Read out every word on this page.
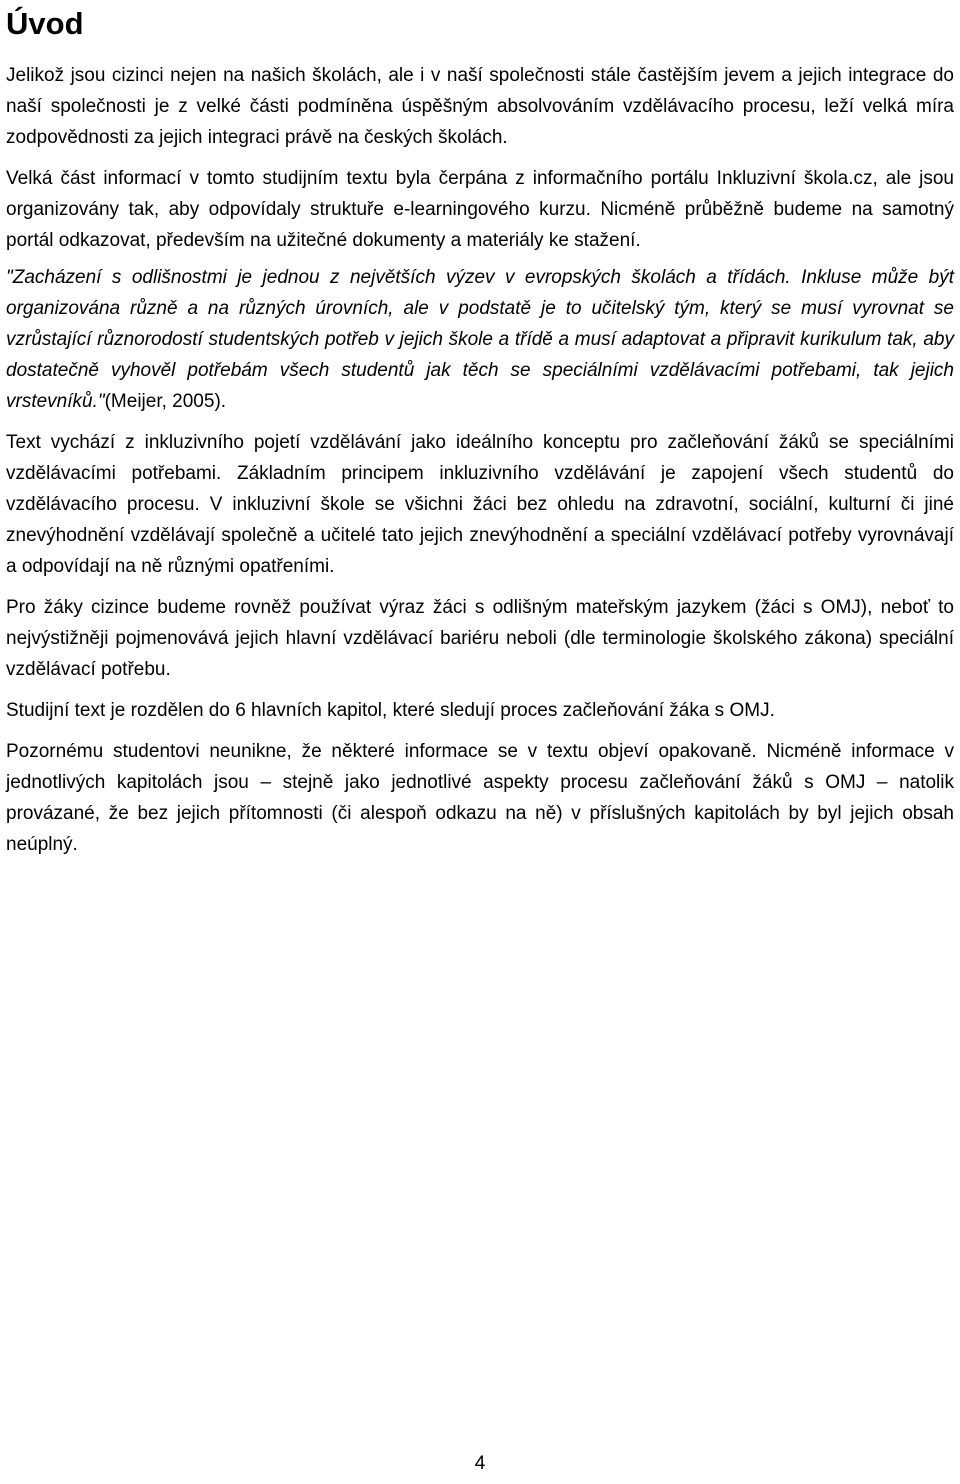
Úvod

Jelikož jsou cizinci nejen na našich školách, ale i v naší společnosti stále častějším jevem a jejich integrace do naší společnosti je z velké části podmíněna úspěšným absolvováním vzdělávacího procesu, leží velká míra zodpovědnosti za jejich integraci právě na českých školách.

Velká část informací v tomto studijním textu byla čerpána z informačního portálu Inkluzivní škola.cz, ale jsou organizovány tak, aby odpovídaly struktuře e-learningového kurzu. Nicméně průběžně budeme na samotný portál odkazovat, především na užitečné dokumenty a materiály ke stažení.

"Zacházení s odlišnostmi je jednou z největších výzev v evropských školách a třídách. Inkluse může být organizována různě a na různých úrovních, ale v podstatě je to učitelský tým, který se musí vyrovnat se vzrůstající různorodostí studentských potřeb v jejich škole a třídě a musí adaptovat a připravit kurikulum tak, aby dostatečně vyhověl potřebám všech studentů jak těch se speciálními vzdělávacími potřebami, tak jejich vrstevníků."(Meijer, 2005).

Text vychází z inkluzivního pojetí vzdělávání jako ideálního konceptu pro začleňování žáků se speciálními vzdělávacími potřebami. Základním principem inkluzivního vzdělávání je zapojení všech studentů do vzdělávacího procesu. V inkluzivní škole se všichni žáci bez ohledu na zdravotní, sociální, kulturní či jiné znevýhodnění vzdělávají společně a učitelé tato jejich znevýhodnění a speciální vzdělávací potřeby vyrovnávají a odpovídají na ně různými opatřeními.

Pro žáky cizince budeme rovněž používat výraz žáci s odlišným mateřským jazykem (žáci s OMJ), neboť to nejvýstižněji pojmenovává jejich hlavní vzdělávací bariéru neboli (dle terminologie školského zákona) speciální vzdělávací potřebu.

Studijní text je rozdělen do 6 hlavních kapitol, které sledují proces začleňování žáka s OMJ.

Pozornému studentovi neunikne, že některé informace se v textu objeví opakovaně. Nicméně informace v jednotlivých kapitolách jsou – stejně jako jednotlivé aspekty procesu začleňování žáků s OMJ – natolik provázané, že bez jejich přítomnosti (či alespoň odkazu na ně) v příslušných kapitolách by byl jejich obsah neúplný.

4
